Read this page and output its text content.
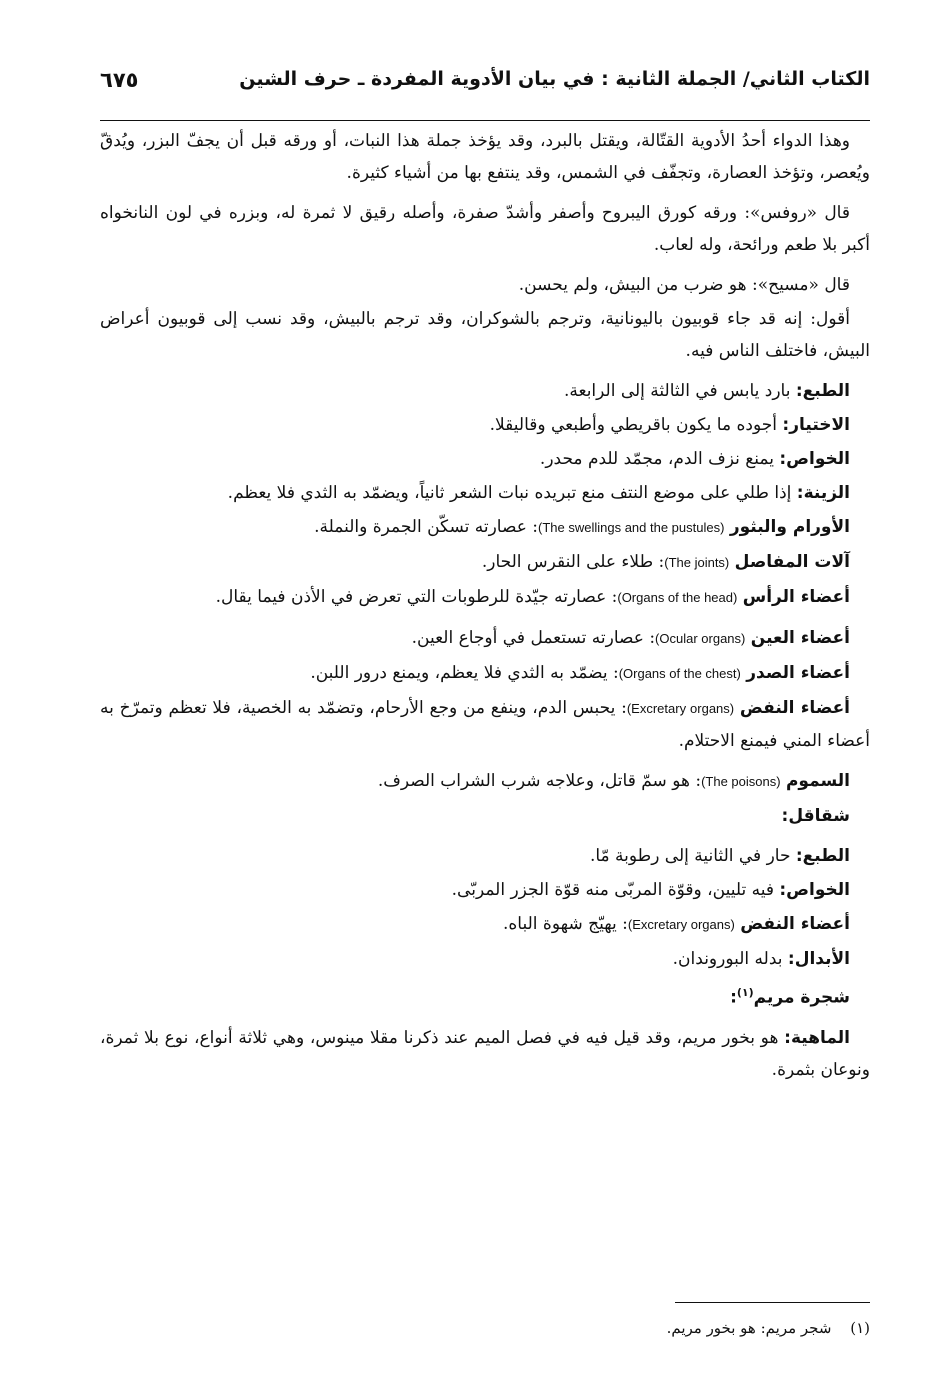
الكتاب الثاني/ الجملة الثانية : في بيان الأدوية المفردة ـ حرف الشين
٦٧٥

وهذا الدواء أحدُ الأدوية القتّالة، ويقتل بالبرد، وقد يؤخذ جملة هذا النبات، أو ورقه قبل أن يجفّ البزر، ويُدقّ ويُعصر، وتؤخذ العصارة، وتجفّف في الشمس، وقد ينتفع بها من أشياء كثيرة.

قال «روفس»: ورقه كورق اليبروح وأصفر وأشدّ صفرة، وأصله رقيق لا ثمرة له، وبزره في لون النانخواه أكبر بلا طعم ورائحة، وله لعاب.

قال «مسيح»: هو ضرب من البيش، ولم يحسن.

أقول: إنه قد جاء قوبيون باليونانية، وترجم بالشوكران، وقد ترجم بالبيش، وقد نسب إلى قوبيون أعراض البيش، فاختلف الناس فيه.

الطبع: بارد يابس في الثالثة إلى الرابعة.

الاختيار: أجوده ما يكون باقريطي وأطبعي وقاليقلا.

الخواص: يمنع نزف الدم، مجمّد للدم محدر.

الزينة: إذا طلي على موضع النتف منع تبريده نبات الشعر ثانياً، ويضمّد به الثدي فلا يعظم.

الأورام والبثور (The swellings and the pustules): عصارته تسكّن الجمرة والنملة.

آلات المفاصل (The joints): طلاء على النقرس الحار.

أعضاء الرأس (Organs of the head): عصارته جيّدة للرطوبات التي تعرض في الأذن فيما يقال.

أعضاء العين (Ocular organs): عصارته تستعمل في أوجاع العين.

أعضاء الصدر (Organs of the chest): يضمّد به الثدي فلا يعظم، ويمنع درور اللبن.

أعضاء النفض (Excretary organs): يحبس الدم، وينفع من وجع الأرحام، وتضمّد به الخصية، فلا تعظم وتمرّخ به أعضاء المني فيمنع الاحتلام.

السموم (The poisons): هو سمّ قاتل، وعلاجه شرب الشراب الصرف.

شقاقل:

الطبع: حار في الثانية إلى رطوبة مّا.

الخواص: فيه تليين، وقوّة المربّى منه قوّة الجزر المربّى.

أعضاء النفض (Excretary organs): يهيّج شهوة الباه.

الأبدال: بدله البوروندان.

شجرة مريم$^{(١)}$:

الماهية: هو بخور مريم، وقد قيل فيه في فصل الميم عند ذكرنا مقلا مينوس، وهي ثلاثة أنواع، نوع بلا ثمرة، ونوعان بثمرة.

(١) شجر مريم: هو بخور مريم.
